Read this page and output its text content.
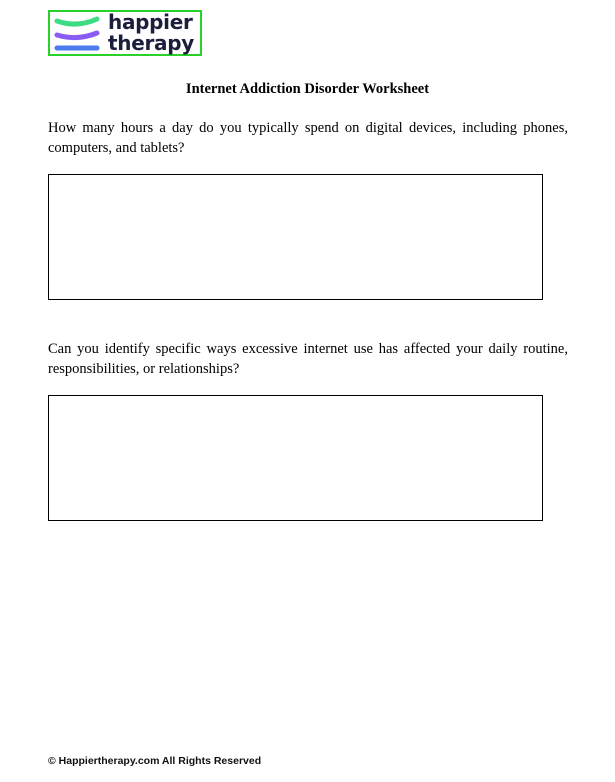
happier
therapy
Internet Addiction Disorder Worksheet
How many hours a day do you typically spend on digital devices, including phones, computers, and tablets?
Can you identify specific ways excessive internet use has affected your daily routine, responsibilities, or relationships?
© Happiertherapy.com All Rights Reserved
